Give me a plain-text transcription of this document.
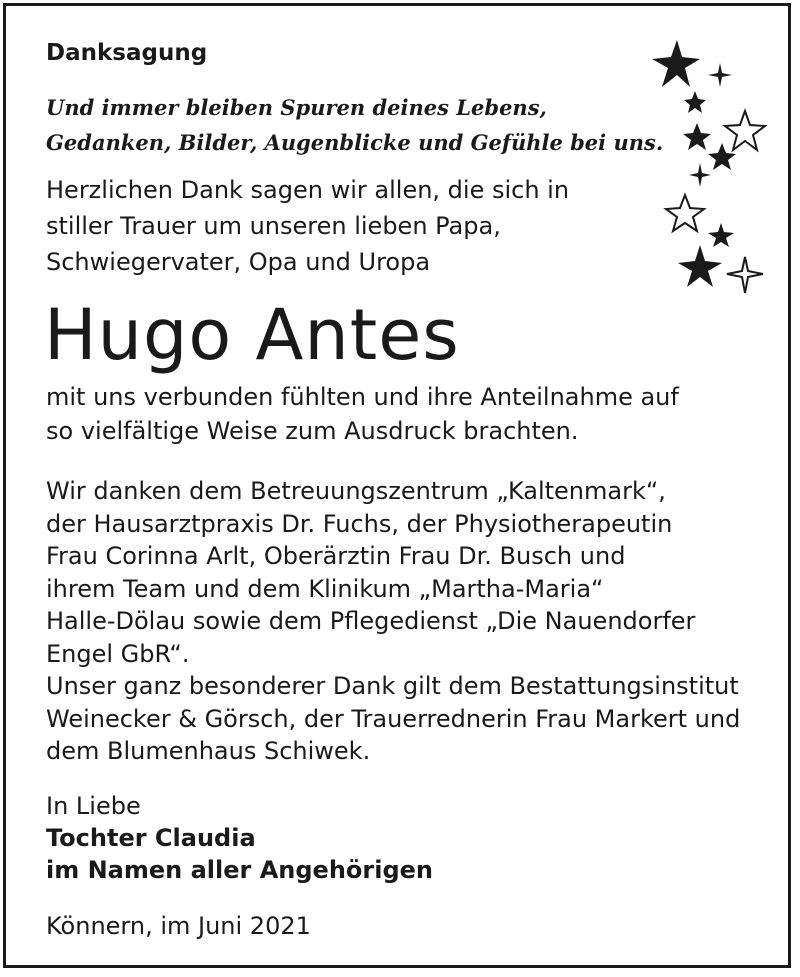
Danksagung
Und immer bleiben Spuren deines Lebens,
Gedanken, Bilder, Augenblicke und Gefühle bei uns.
Herzlichen Dank sagen wir allen, die sich in
stiller Trauer um unseren lieben Papa,
Schwiegervater, Opa und Uropa
Hugo Antes
mit uns verbunden fühlten und ihre Anteilnahme auf
so vielfältige Weise zum Ausdruck brachten.
Wir danken dem Betreuungszentrum „Kaltenmark“,
der Hausarztpraxis Dr. Fuchs, der Physiotherapeutin
Frau Corinna Arlt, Oberärztin Frau Dr. Busch und
ihrem Team und dem Klinikum „Martha-Maria“
Halle-Dölau sowie dem Pflegedienst „Die Nauendorfer
Engel GbR“.
Unser ganz besonderer Dank gilt dem Bestattungsinstitut
Weinecker & Görsch, der Trauerrednerin Frau Markert und
dem Blumenhaus Schiwek.
In Liebe
Tochter Claudia
im Namen aller Angehörigen
Könnern, im Juni 2021
